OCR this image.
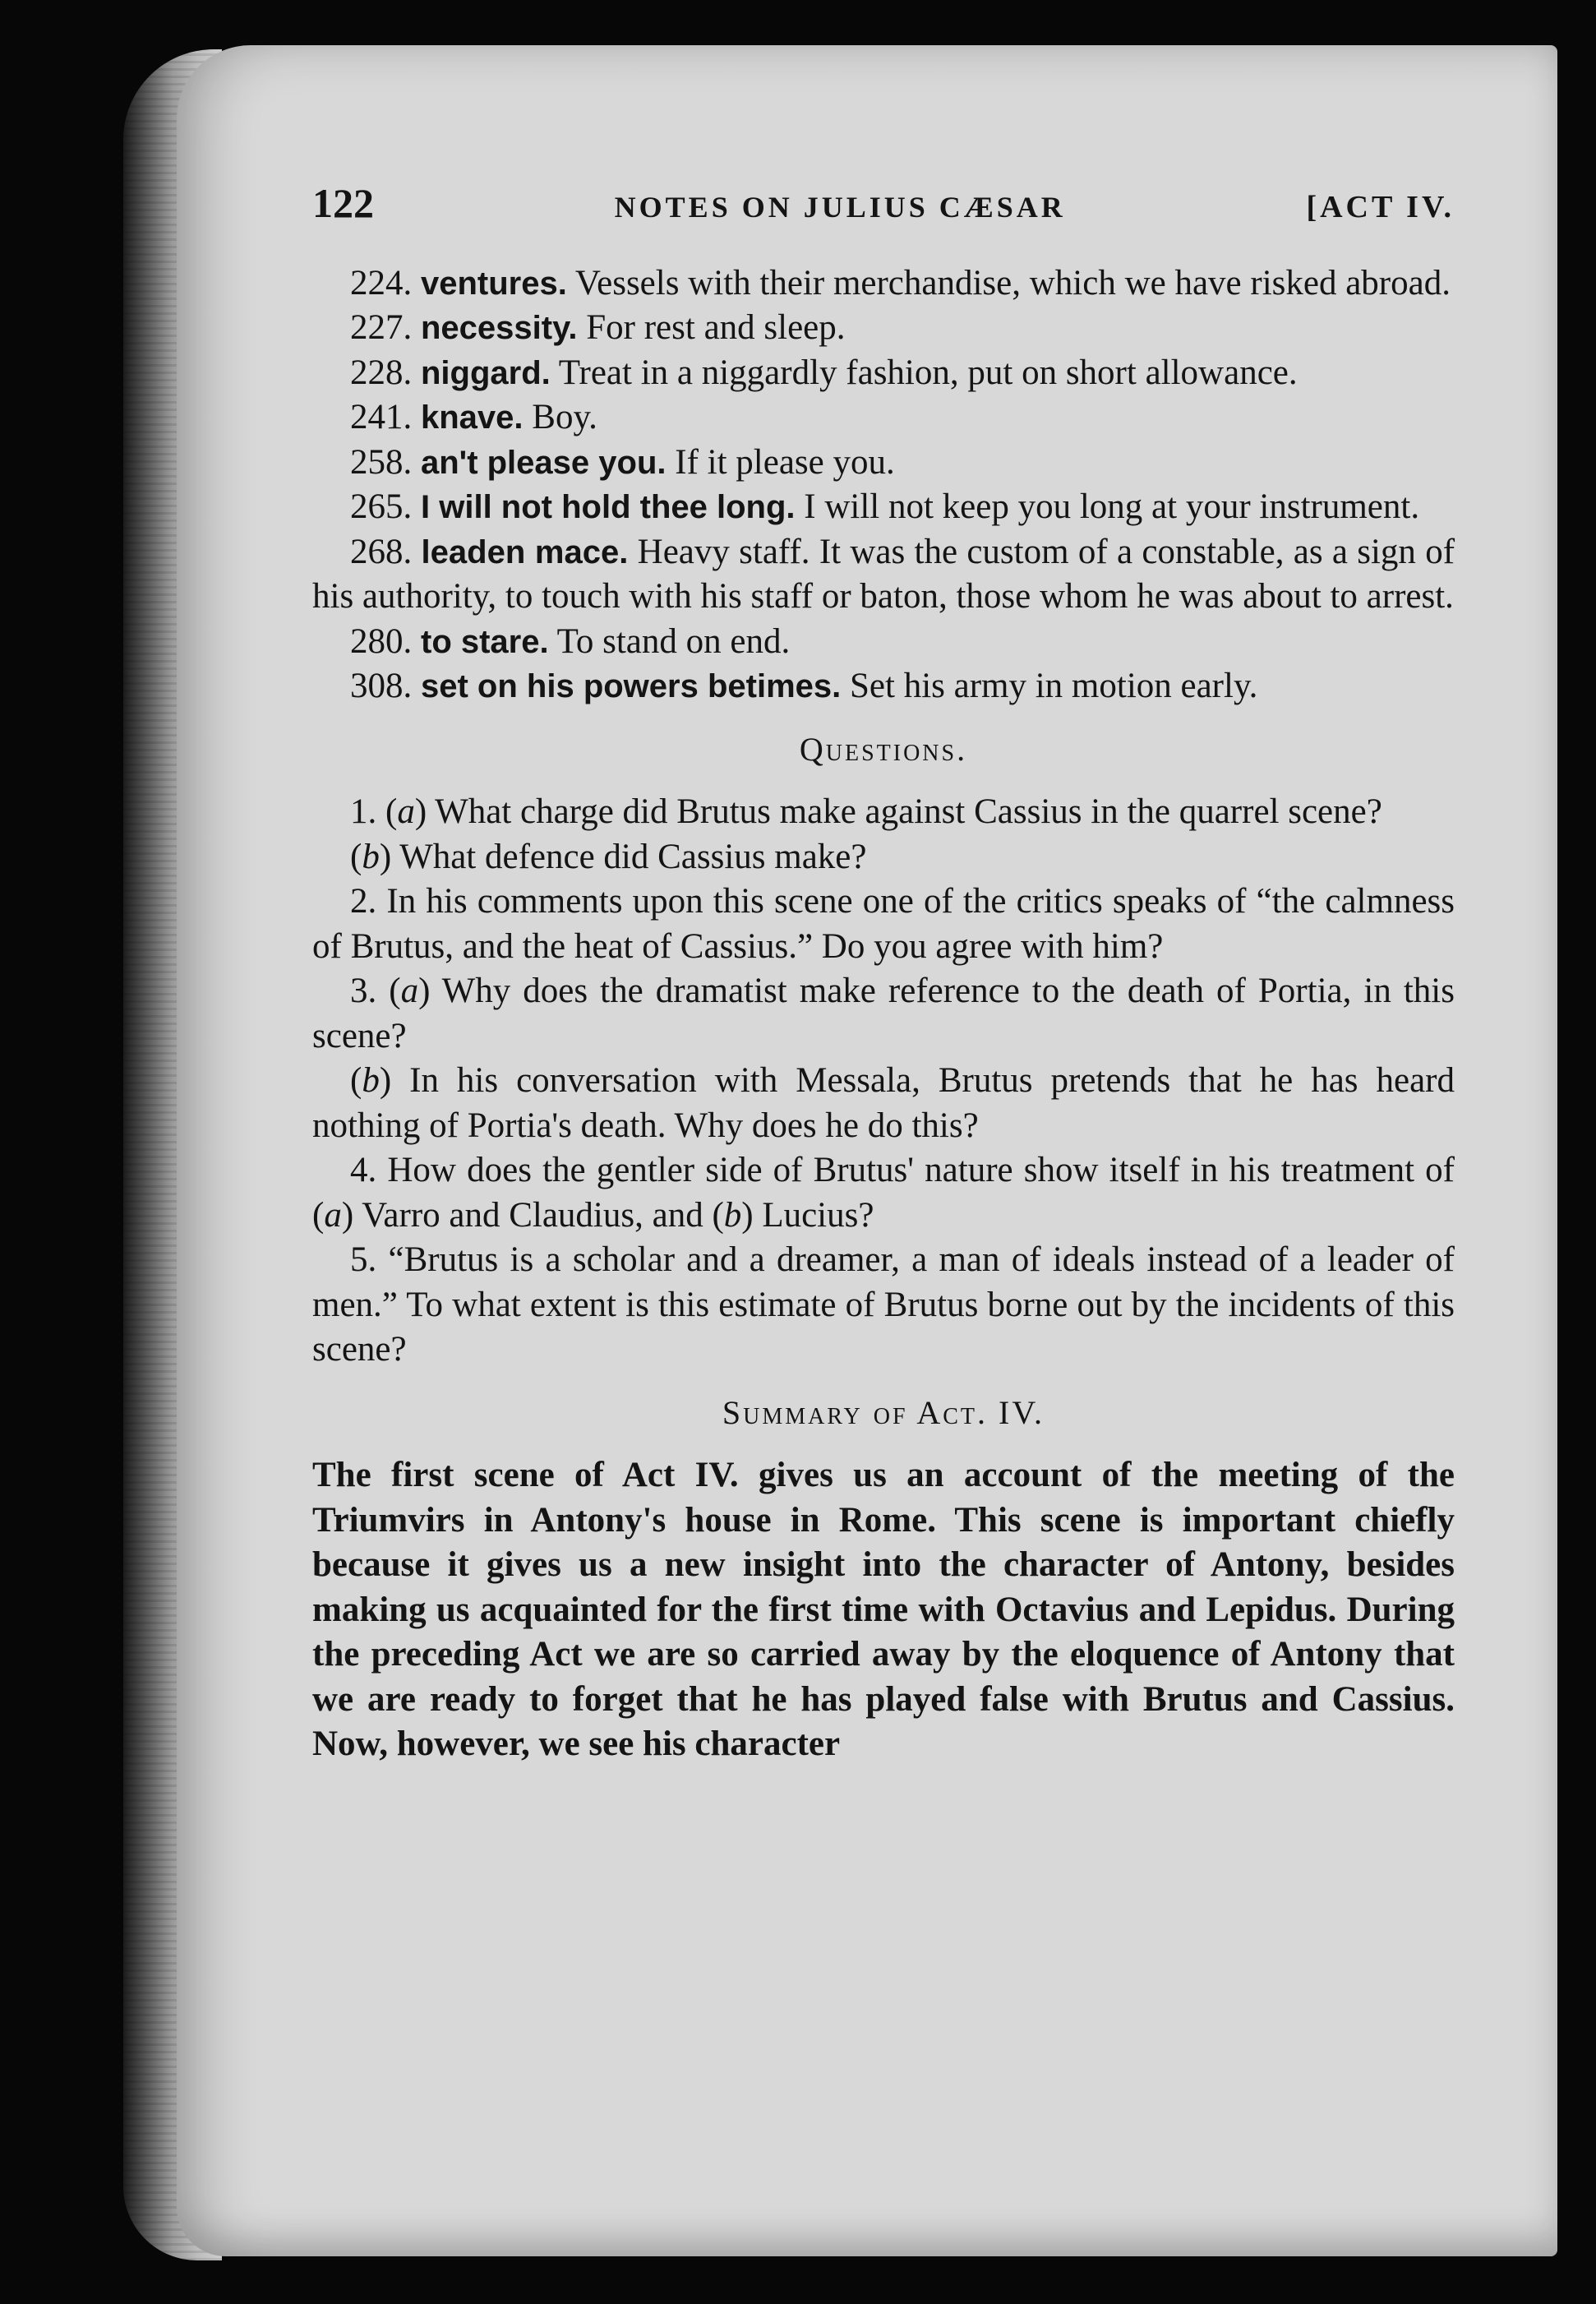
122	NOTES ON JULIUS CÆSAR	[ACT IV.

224. ventures. Vessels with their merchandise, which we have risked abroad.

227. necessity. For rest and sleep.

228. niggard. Treat in a niggardly fashion, put on short allowance.

241. knave. Boy.

258. an't please you. If it please you.

265. I will not hold thee long. I will not keep you long at your instrument.

268. leaden mace. Heavy staff. It was the custom of a constable, as a sign of his authority, to touch with his staff or baton, those whom he was about to arrest.

280. to stare. To stand on end.

308. set on his powers betimes. Set his army in motion early.

Questions.

1. (a) What charge did Brutus make against Cassius in the quarrel scene?

(b) What defence did Cassius make?

2. In his comments upon this scene one of the critics speaks of “the calmness of Brutus, and the heat of Cassius.” Do you agree with him?

3. (a) Why does the dramatist make reference to the death of Portia, in this scene?

(b) In his conversation with Messala, Brutus pretends that he has heard nothing of Portia's death. Why does he do this?

4. How does the gentler side of Brutus' nature show itself in his treatment of (a) Varro and Claudius, and (b) Lucius?

5. “Brutus is a scholar and a dreamer, a man of ideals instead of a leader of men.” To what extent is this estimate of Brutus borne out by the incidents of this scene?

Summary of Act. IV.

The first scene of Act IV. gives us an account of the meeting of the Triumvirs in Antony's house in Rome. This scene is important chiefly because it gives us a new insight into the character of Antony, besides making us acquainted for the first time with Octavius and Lepidus. During the preceding Act we are so carried away by the eloquence of Antony that we are ready to forget that he has played false with Brutus and Cassius. Now, however, we see his character
